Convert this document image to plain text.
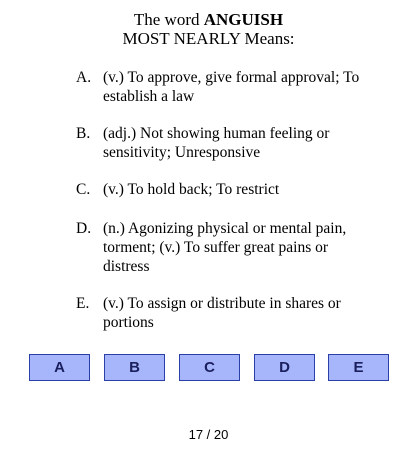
The word ANGUISH
MOST NEARLY Means:
A. (v.) To approve, give formal approval; To establish a law
B. (adj.) Not showing human feeling or sensitivity; Unresponsive
C. (v.) To hold back; To restrict
D. (n.) Agonizing physical or mental pain, torment; (v.) To suffer great pains or distress
E. (v.) To assign or distribute in shares or portions
A	B	C	D	E
17 / 20
